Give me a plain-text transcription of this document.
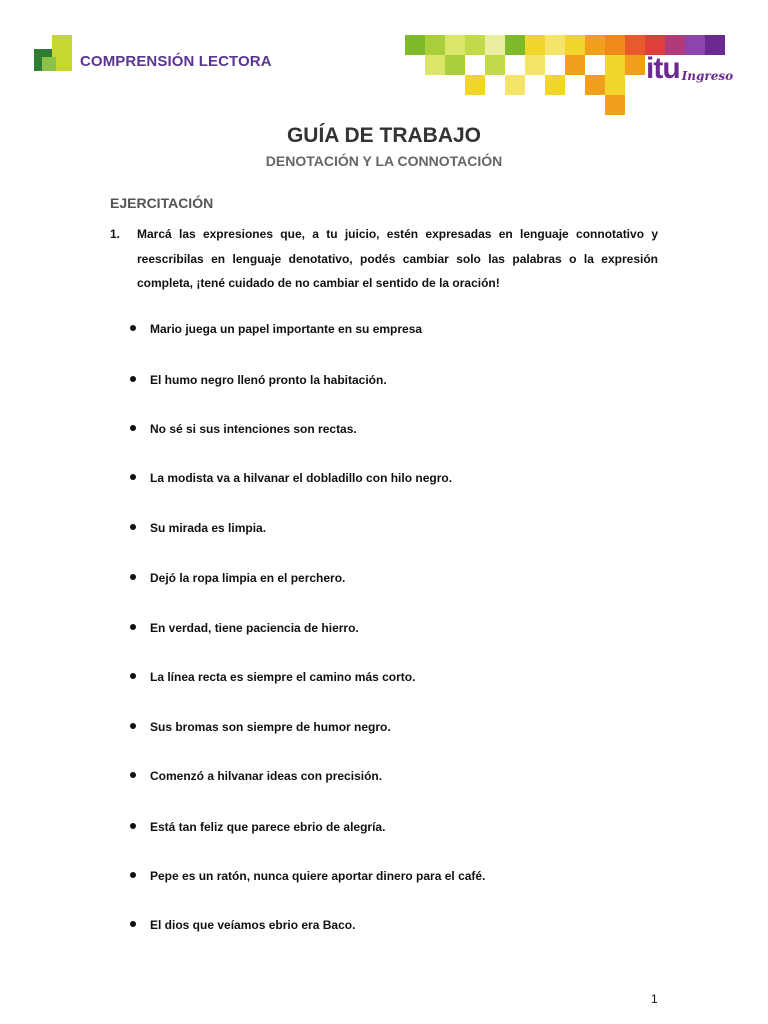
COMPRENSIÓN LECTORA	itu Ingreso
GUÍA DE TRABAJO
DENOTACIÓN Y LA CONNOTACIÓN
EJERCITACIÓN
1.	Marcá las expresiones que, a tu juicio, estén expresadas en lenguaje connotativo y reescribilas en lenguaje denotativo, podés cambiar solo las palabras o la expresión completa, ¡tené cuidado de no cambiar el sentido de la oración!
Mario juega un papel importante en su empresa
El humo negro llenó pronto la habitación.
No sé si sus intenciones son rectas.
La modista va a hilvanar el dobladillo con hilo negro.
Su mirada es limpia.
Dejó la ropa limpia en el perchero.
En verdad, tiene paciencia de hierro.
La línea recta es siempre el camino más corto.
Sus bromas son siempre de humor negro.
Comenzó a hilvanar ideas con precisión.
Está tan feliz que parece ebrio de alegría.
Pepe es un ratón, nunca quiere aportar dinero para el café.
El dios que veíamos ebrio era Baco.
1
